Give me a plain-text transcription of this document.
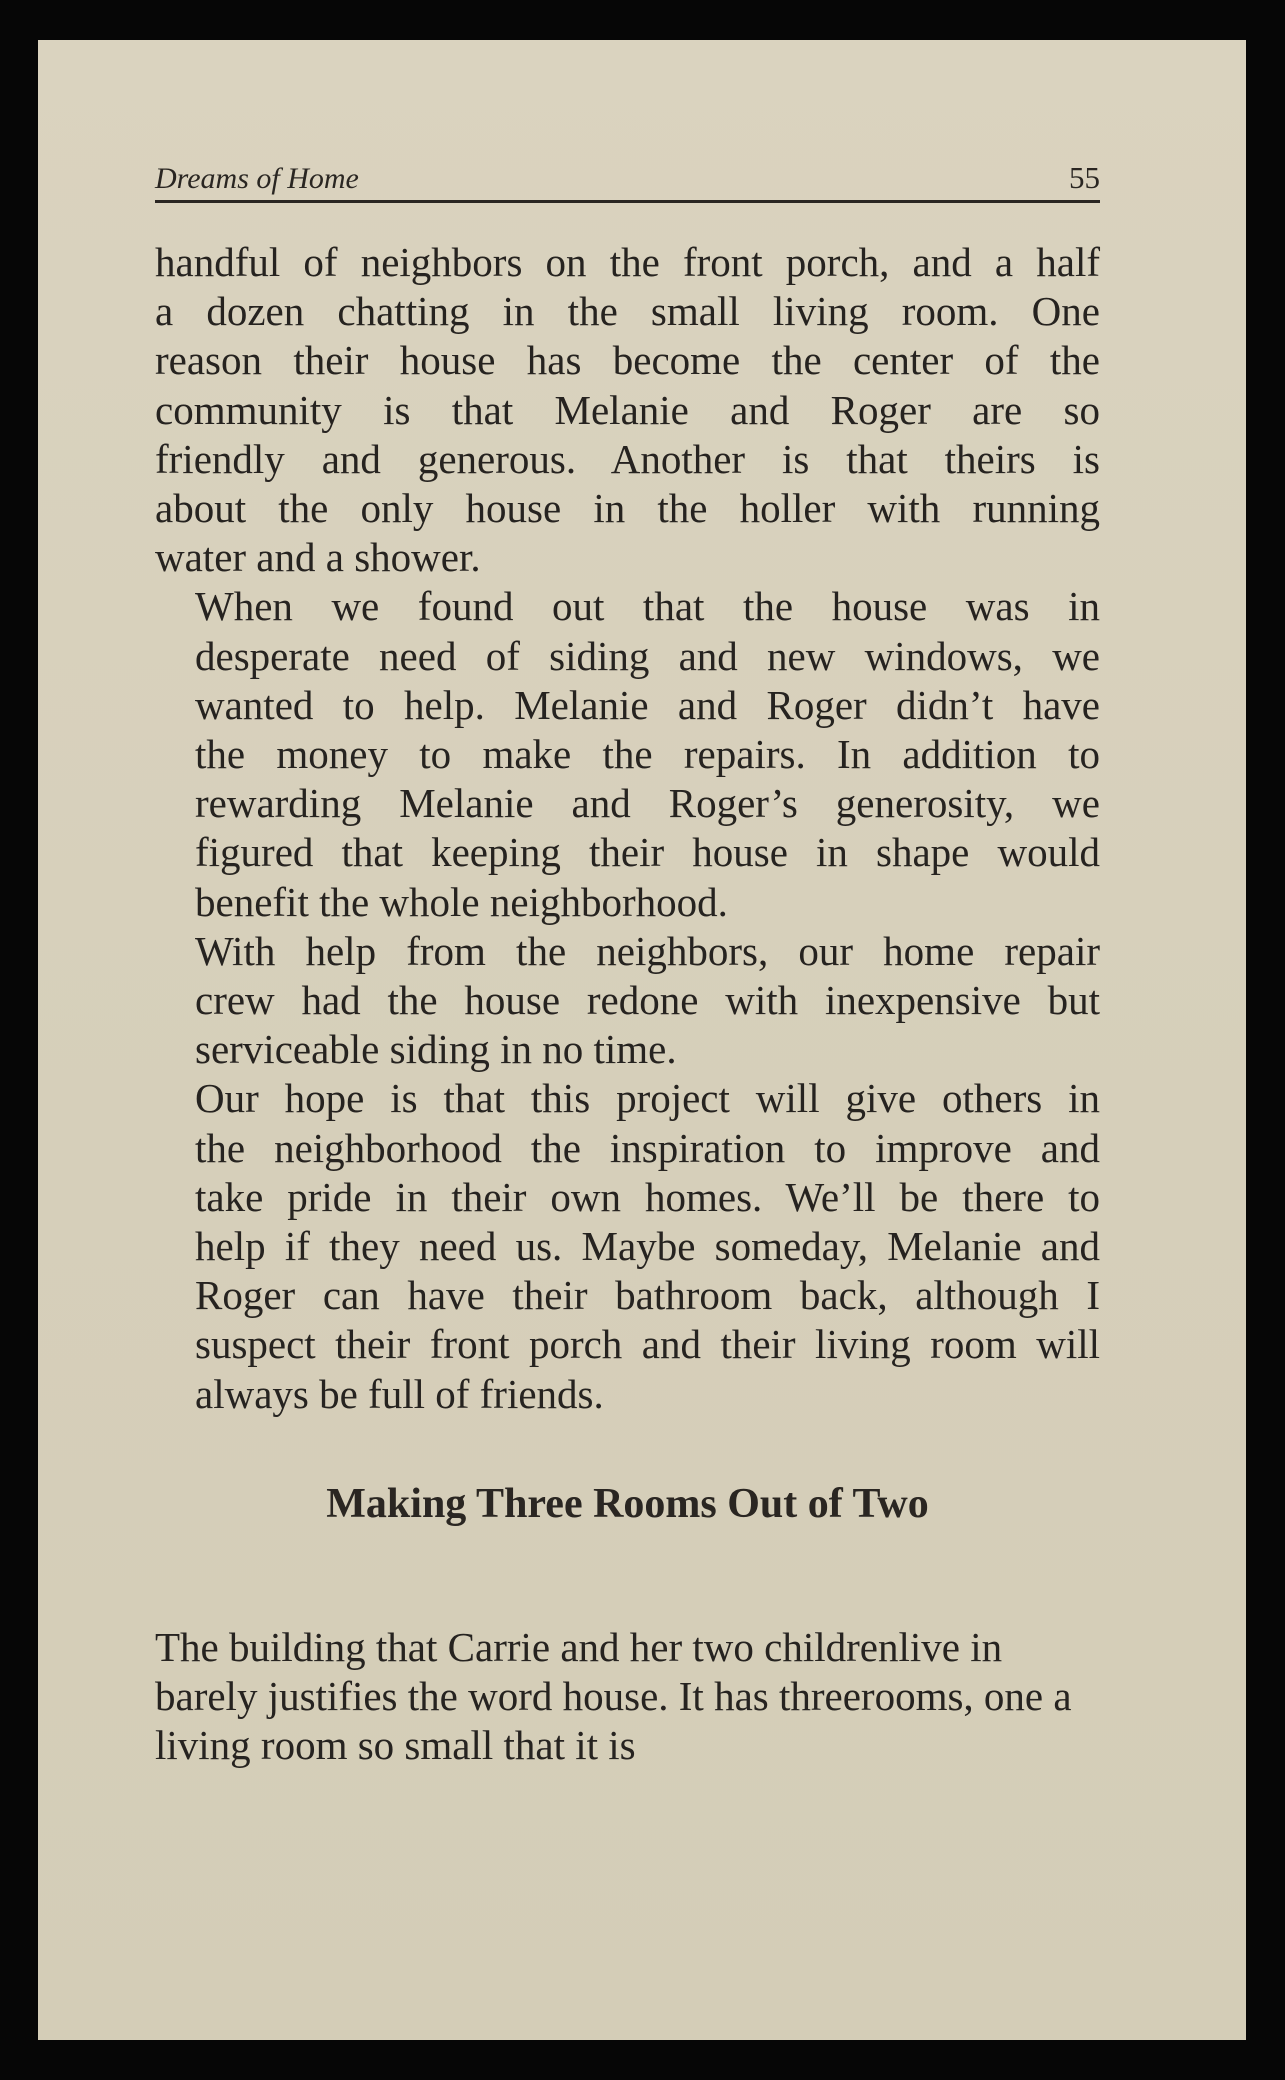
Dreams of Home	55

handful of neighbors on the front porch, and a half
a dozen chatting in the small living room. One
reason their house has become the center of the
community is that Melanie and Roger are so
friendly and generous. Another is that theirs is
about the only house in the holler with running
water and a shower.

When we found out that the house was in
desperate need of siding and new windows, we
wanted to help. Melanie and Roger didn’t have
the money to make the repairs. In addition to
rewarding Melanie and Roger’s generosity, we
figured that keeping their house in shape would
benefit the whole neighborhood.

With help from the neighbors, our home repair
crew had the house redone with inexpensive but
serviceable siding in no time.

Our hope is that this project will give others in
the neighborhood the inspiration to improve and
take pride in their own homes. We’ll be there to
help if they need us. Maybe someday, Melanie and
Roger can have their bathroom back, although I
suspect their front porch and their living room will
always be full of friends.

Making Three Rooms Out of Two

The building that Carrie and her two childrenlive in barely justifies the word house. It has threerooms, one a living room so small that it is
